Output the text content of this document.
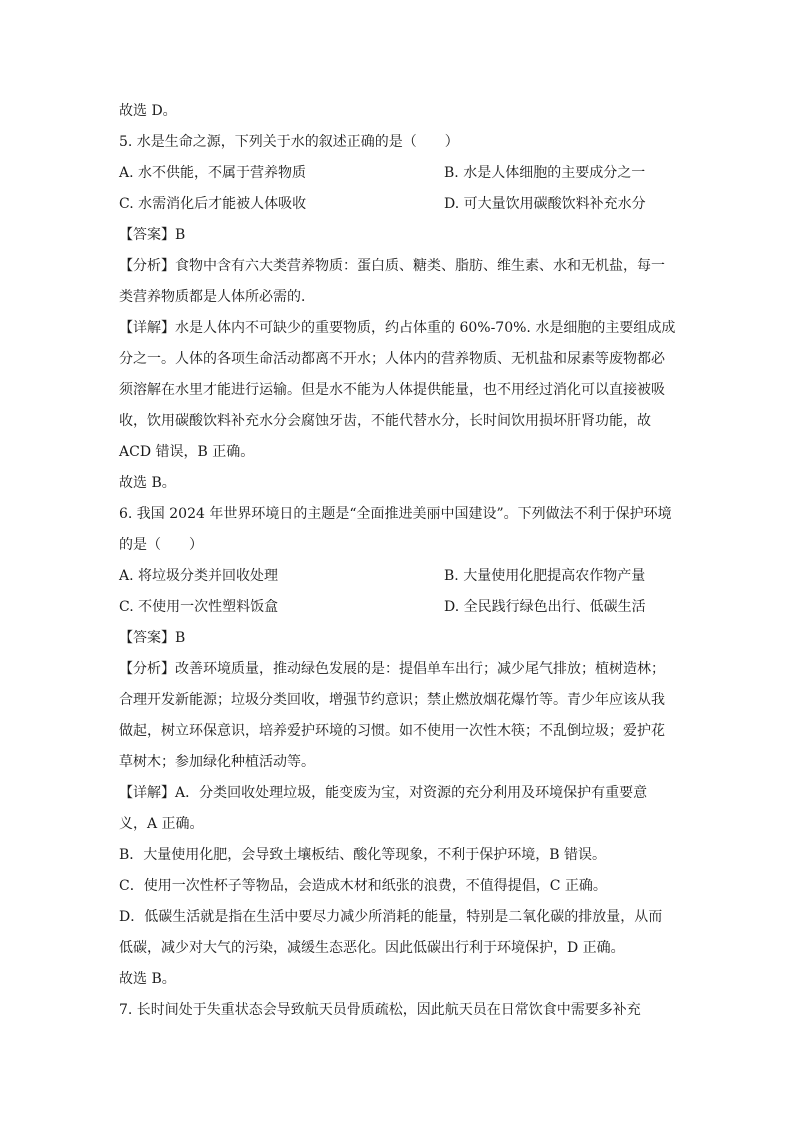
故选 D。
5. 水是生命之源，下列关于水的叙述正确的是（　　）
A. 水不供能，不属于营养物质	B. 水是人体细胞的主要成分之一
C. 水需消化后才能被人体吸收	D. 可大量饮用碳酸饮料补充水分
【答案】B
【分析】食物中含有六大类营养物质：蛋白质、糖类、脂肪、维生素、水和无机盐，每一
类营养物质都是人体所必需的．
【详解】水是人体内不可缺少的重要物质，约占体重的 60%-70%. 水是细胞的主要组成成
分之一。人体的各项生命活动都离不开水；人体内的营养物质、无机盐和尿素等废物都必
须溶解在水里才能进行运输。但是水不能为人体提供能量，也不用经过消化可以直接被吸
收，饮用碳酸饮料补充水分会腐蚀牙齿，不能代替水分，长时间饮用损坏肝肾功能，故
ACD 错误，B 正确。
故选 B。
6. 我国 2024 年世界环境日的主题是“全面推进美丽中国建设”。下列做法不利于保护环境
的是（　　）
A. 将垃圾分类并回收处理	B. 大量使用化肥提高农作物产量
C. 不使用一次性塑料饭盒	D. 全民践行绿色出行、低碳生活
【答案】B
【分析】改善环境质量，推动绿色发展的是：提倡单车出行；减少尾气排放；植树造林；
合理开发新能源；垃圾分类回收，增强节约意识；禁止燃放烟花爆竹等。青少年应该从我
做起，树立环保意识，培养爱护环境的习惯。如不使用一次性木筷；不乱倒垃圾；爱护花
草树木；参加绿化种植活动等。
【详解】A．分类回收处理垃圾，能变废为宝，对资源的充分利用及环境保护有重要意
义，A 正确。
B．大量使用化肥，会导致土壤板结、酸化等现象，不利于保护环境，B 错误。
C．使用一次性杯子等物品，会造成木材和纸张的浪费，不值得提倡，C 正确。
D．低碳生活就是指在生活中要尽力减少所消耗的能量，特别是二氧化碳的排放量，从而
低碳，减少对大气的污染，减缓生态恶化。因此低碳出行利于环境保护，D 正确。
故选 B。
7. 长时间处于失重状态会导致航天员骨质疏松，因此航天员在日常饮食中需要多补充
